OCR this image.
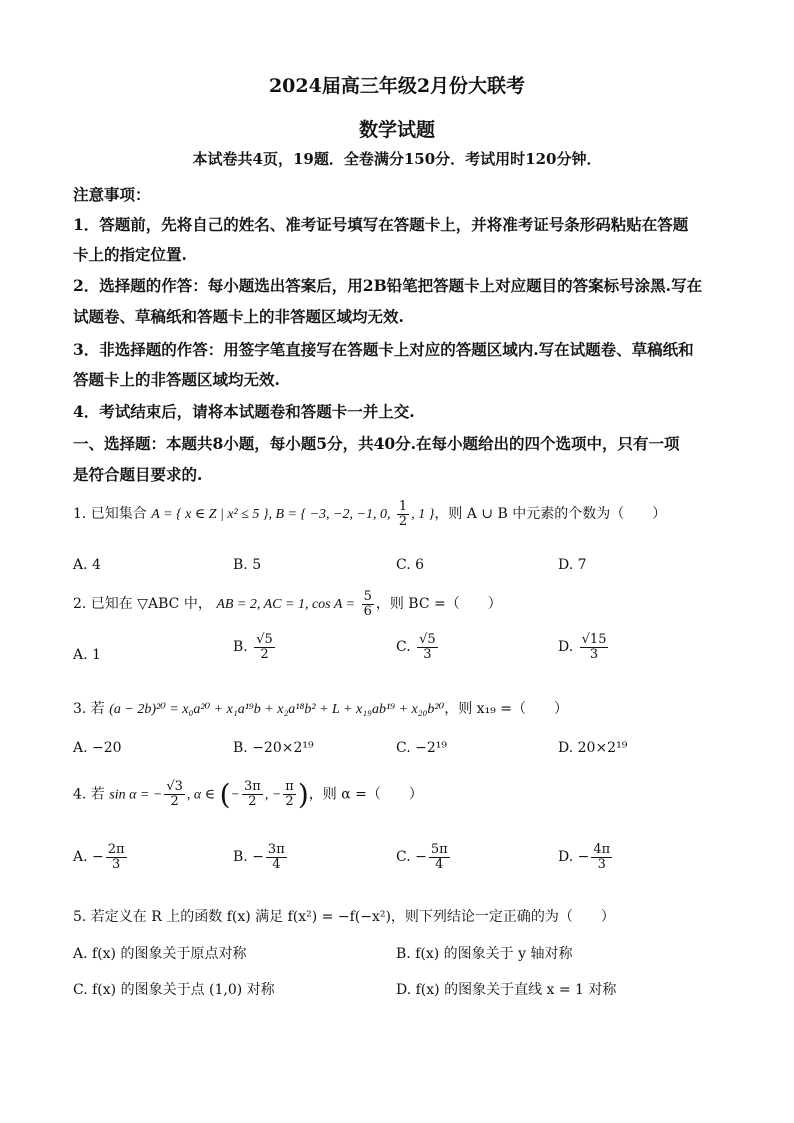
2024届高三年级2月份大联考
数学试题
本试卷共4页，19题．全卷满分150分．考试用时120分钟．
注意事项：
1．答题前，先将自己的姓名、准考证号填写在答题卡上，并将准考证号条形码粘贴在答题
卡上的指定位置.
2．选择题的作答：每小题选出答案后，用2B铅笔把答题卡上对应题目的答案标号涂黑.写在
试题卷、草稿纸和答题卡上的非答题区域均无效.
3．非选择题的作答：用签字笔直接写在答题卡上对应的答题区域内.写在试题卷、草稿纸和
答题卡上的非答题区域均无效.
4．考试结束后，请将本试题卷和答题卡一并上交.
一、选择题：本题共8小题，每小题5分，共40分.在每小题给出的四个选项中，只有一项
是符合题目要求的.
1. 已知集合 A = { x ∈ Z | x² ≤ 5 }, B = { −3, −2, −1, 0, $\frac{1}{2}$ , 1 }，则 A ∪ B 中元素的个数为（　　）
A. 4	B. 5	C. 6	D. 7
2. 已知在 ▽ABC 中， AB = 2, AC = 1, $\cos A = \frac{5}{6}$ ，则 BC =（　　）
A. 1	B. $\frac{√5}{2}$	C. $\frac{√5}{3}$	D. $\frac{√15}{3}$
3. 若 (a − 2b)²⁰ = x₀a²⁰ + x₁a¹⁹b + x₂a¹⁸b² + L + x₁₉ab¹⁹ + x₂₀b²⁰，则 x₁₉ =（　　）
A. −20	B. −20×2¹⁹	C. −2¹⁹	D. 20×2¹⁹
4. 若 sin α = − $\frac{√3}{2}$ , α ∈ (− $\frac{3\pi}{2}$ , − $\frac{\pi}{2}$ )，则 α =（　　）
A. − $\frac{2\pi}{3}$	B. − $\frac{3\pi}{4}$	C. − $\frac{5\pi}{4}$	D. − $\frac{4\pi}{3}$
5. 若定义在 R 上的函数 f(x) 满足 f(x²) = −f(−x²)，则下列结论一定正确的为（　　）
A. f(x) 的图象关于原点对称	B. f(x) 的图象关于 y 轴对称
C. f(x) 的图象关于点 (1,0) 对称	D. f(x) 的图象关于直线 x = 1 对称
